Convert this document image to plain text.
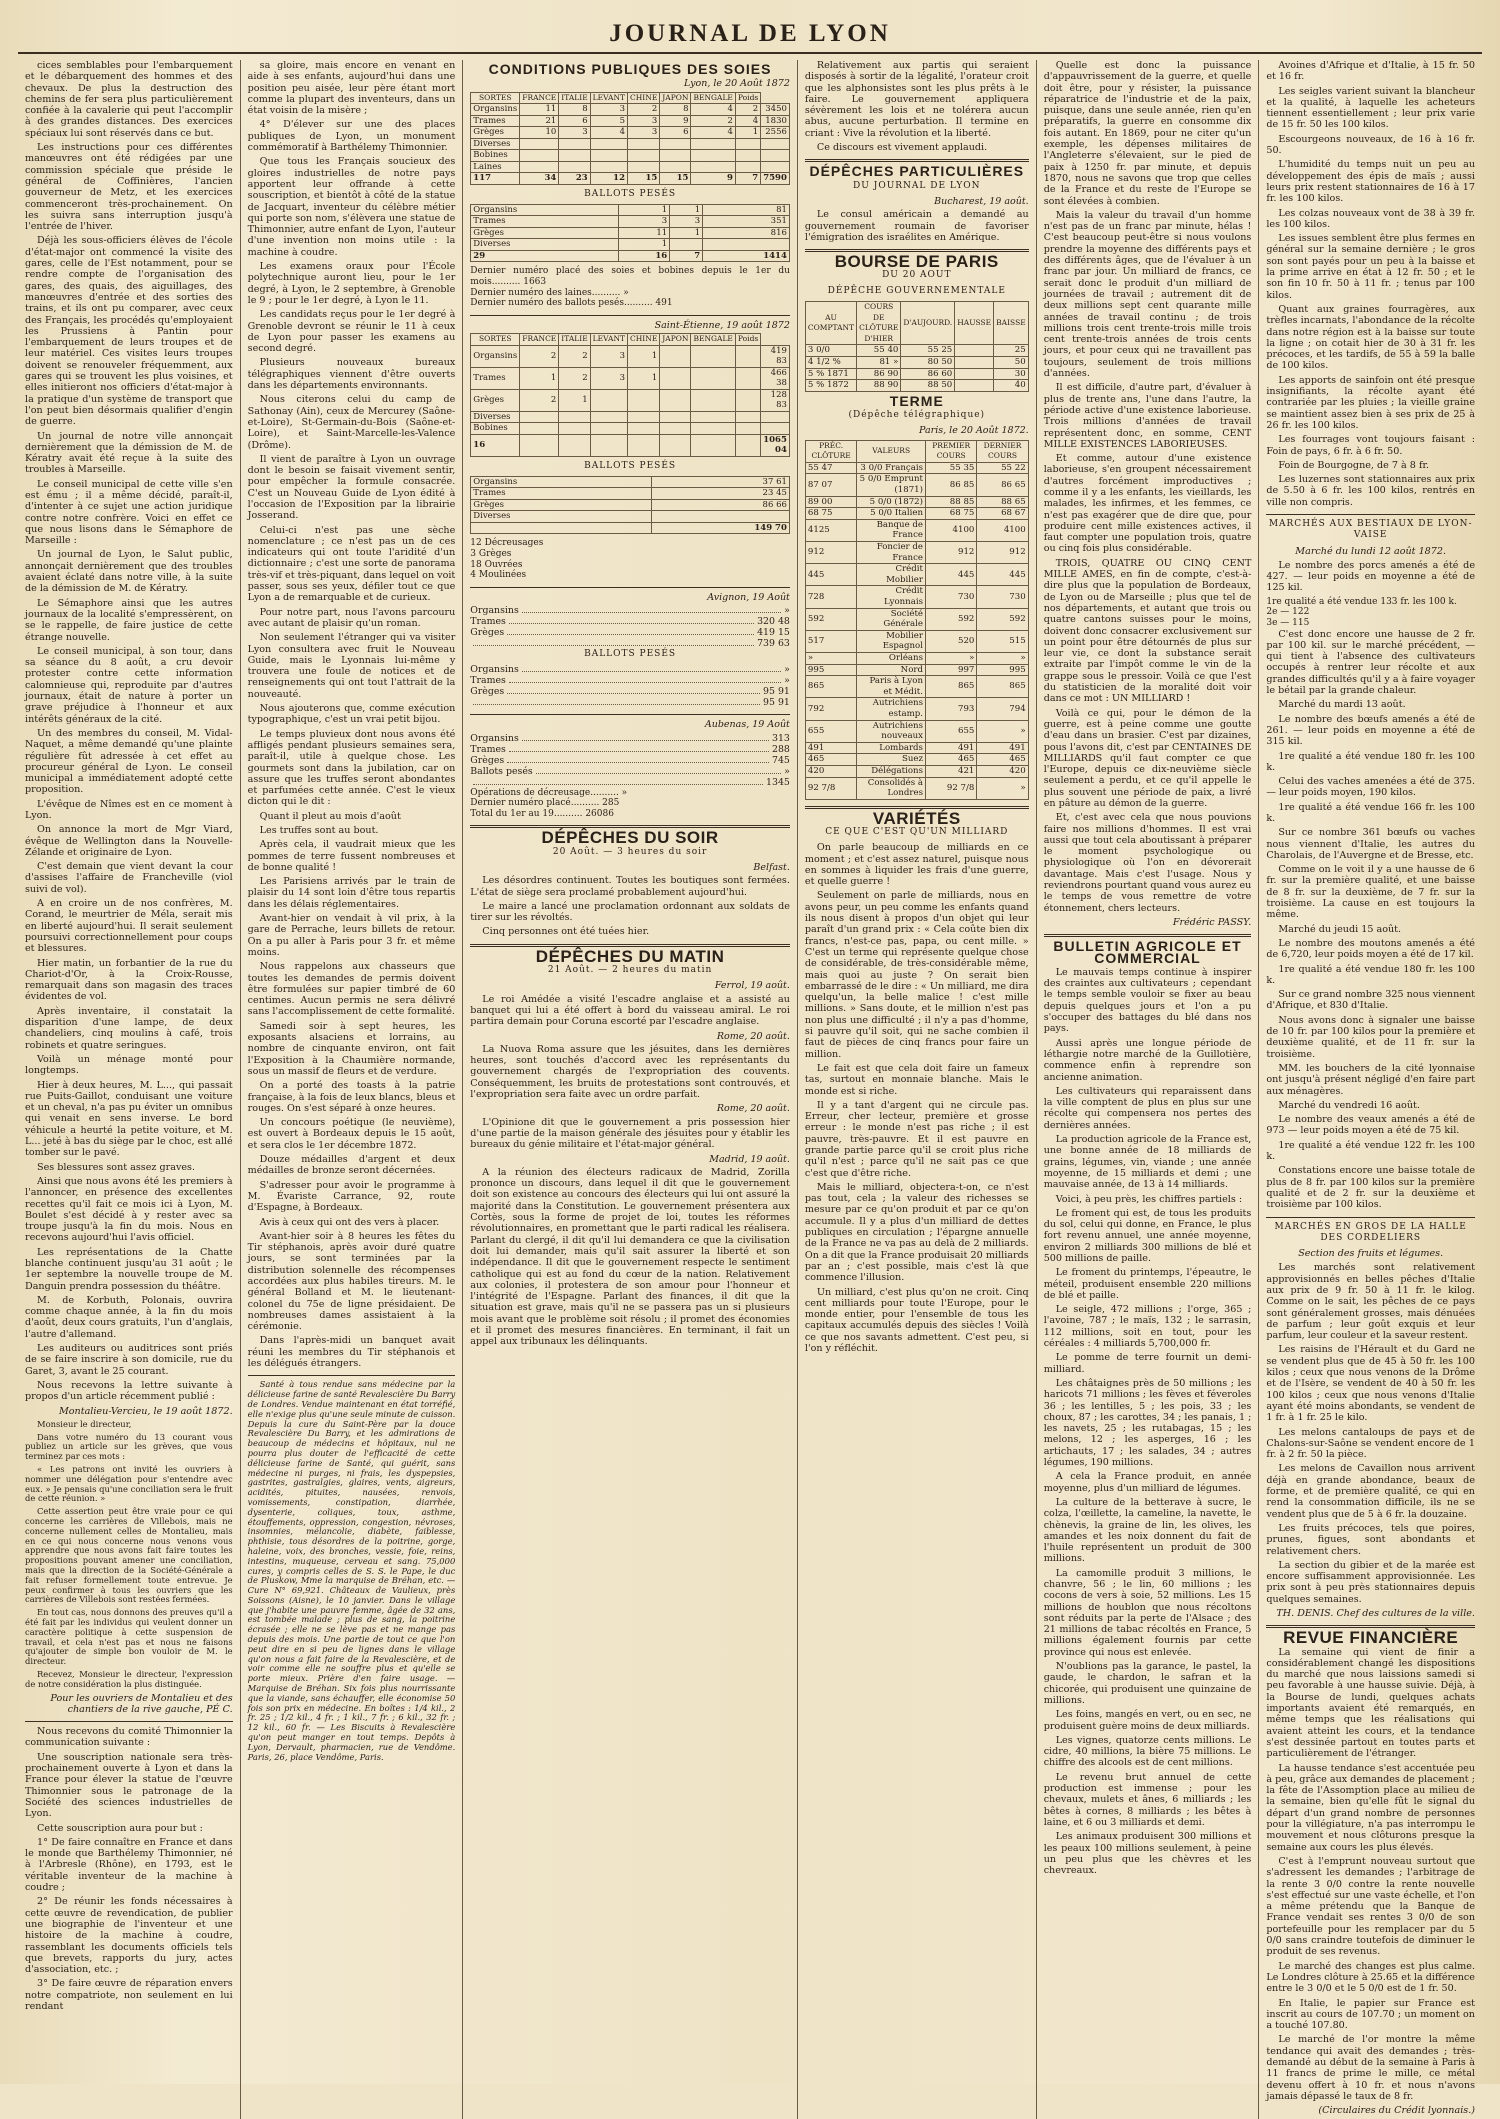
JOURNAL DE LYON

cices semblables pour l'embarquement et le débarquement des hommes et des chevaux. De plus la destruction des chemins de fer sera plus particulièrement confiée à la cavalerie qui peut l'accomplir à des grandes distances. Des exercices spéciaux lui sont réservés dans ce but.

Les instructions pour ces différentes manœuvres ont été rédigées par une commission spéciale que préside le général de Coffinières, l'ancien gouverneur de Metz, et les exercices commenceront très-prochainement. On les suivra sans interruption jusqu'à l'entrée de l'hiver.

Déjà les sous-officiers élèves de l'école d'état-major ont commencé la visite des gares, celle de l'Est notamment, pour se rendre compte de l'organisation des gares, des quais, des aiguillages, des manœuvres d'entrée et des sorties des trains, et ils ont pu comparer, avec ceux des Français, les procédés qu'employaient les Prussiens à Pantin pour l'embarquement de leurs troupes et de leur matériel. Ces visites leurs troupes doivent se renouveler fréquemment, aux gares qui se trouvent les plus voisines, et elles initieront nos officiers d'état-major à la pratique d'un système de transport que l'on peut bien désormais qualifier d'engin de guerre.

Un journal de notre ville annonçait dernièrement que la démission de M. de Kératry avait été reçue à la suite des troubles à Marseille.

Le conseil municipal de cette ville s'en est ému ; il a même décidé, paraît-il, d'intenter à ce sujet une action juridique contre notre confrère. Voici en effet ce que nous lisons dans le Sémaphore de Marseille :

Un journal de Lyon, le Salut public, annonçait dernièrement que des troubles avaient éclaté dans notre ville, à la suite de la démission de M. de Kératry.

Le Sémaphore ainsi que les autres journaux de la localité s'empressèrent, on se le rappelle, de faire justice de cette étrange nouvelle.

Le conseil municipal, à son tour, dans sa séance du 8 août, a cru devoir protester contre cette information calomnieuse qui, reproduite par d'autres journaux, était de nature à porter un grave préjudice à l'honneur et aux intérêts généraux de la cité.

Un des membres du conseil, M. Vidal-Naquet, a même demandé qu'une plainte régulière fût adressée à cet effet au procureur général de Lyon. Le conseil municipal a immédiatement adopté cette proposition.

L'évêque de Nîmes est en ce moment à Lyon.

On annonce la mort de Mgr Viard, évêque de Wellington dans la Nouvelle-Zélande et originaire de Lyon.

C'est demain que vient devant la cour d'assises l'affaire de Francheville (viol suivi de vol).

A en croire un de nos confrères, M. Corand, le meurtrier de Méla, serait mis en liberté aujourd'hui. Il serait seulement poursuivi correctionnellement pour coups et blessures.

Hier matin, un forbantier de la rue du Chariot-d'Or, à la Croix-Rousse, remarquait dans son magasin des traces évidentes de vol.

Après inventaire, il constatait la disparition d'une lampe, de deux chandeliers, cinq moulins à café, trois robinets et quatre seringues.

Voilà un ménage monté pour longtemps.

Hier à deux heures, M. L..., qui passait rue Puits-Gaillot, conduisant une voiture et un cheval, n'a pas pu éviter un omnibus qui venait en sens inverse. Le bord véhicule a heurté la petite voiture, et M. L... jeté à bas du siège par le choc, est allé tomber sur le pavé.

Ses blessures sont assez graves.

Ainsi que nous avons été les premiers à l'annoncer, en présence des excellentes recettes qu'il fait ce mois ici à Lyon, M. Boulet s'est décidé à y rester avec sa troupe jusqu'à la fin du mois. Nous en recevons aujourd'hui l'avis officiel.

Les représentations de la Chatte blanche continuent jusqu'au 31 août ; le 1er septembre la nouvelle troupe de M. Danguin prendra possession du théâtre.

M. de Korbuth, Polonais, ouvrira comme chaque année, à la fin du mois d'août, deux cours gratuits, l'un d'anglais, l'autre d'allemand.

Les auditeurs ou auditrices sont priés de se faire inscrire à son domicile, rue du Garet, 3, avant le 25 courant.

Nous recevons la lettre suivante à propos d'un article récemment publié :

Montalieu-Vercieu, le 19 août 1872.

Monsieur le directeur,

Dans votre numéro du 13 courant vous publiez un article sur les grèves, que vous terminez par ces mots :

« Les patrons ont invité les ouvriers à nommer une délégation pour s'entendre avec eux. » Je pensais qu'une conciliation sera le fruit de cette réunion. »

Cette assertion peut être vraie pour ce qui concerne les carrières de Villebois, mais ne concerne nullement celles de Montalieu, mais en ce qui nous concerne nous venons vous apprendre que nous avons fait faire toutes les propositions pouvant amener une conciliation, mais que la direction de la Société-Générale a fait refuser formellement toute entrevue. Je peux confirmer à tous les ouvriers que les carrières de Villebois sont restées fermées.

En tout cas, nous donnons des preuves qu'il a été fait par les individus qui veulent donner un caractère politique à cette suspension de travail, et cela n'est pas et nous ne faisons qu'ajouter de simple bon vouloir de M. le directeur.

Recevez, Monsieur le directeur, l'expression de notre considération la plus distinguée.

Pour les ouvriers de Montalieu et des chantiers de la rive gauche, PÉ C.

Nous recevons du comité Thimonnier la communication suivante :

Une souscription nationale sera très-prochainement ouverte à Lyon et dans la France pour élever la statue de l'œuvre Thimonnier sous le patronage de la Société des sciences industrielles de Lyon.

Cette souscription aura pour but :

1° De faire connaître en France et dans le monde que Barthélemy Thimonnier, né à l'Arbresle (Rhône), en 1793, est le véritable inventeur de la machine à coudre ;

2° De réunir les fonds nécessaires à cette œuvre de revendication, de publier une biographie de l'inventeur et une histoire de la machine à coudre, rassemblant les documents officiels tels que brevets, rapports du jury, actes d'association, etc. ;

3° De faire œuvre de réparation envers notre compatriote, non seulement en lui rendant

sa gloire, mais encore en venant en aide à ses enfants, aujourd'hui dans une position peu aisée, leur père étant mort comme la plupart des inventeurs, dans un état voisin de la misère ;

4° D'élever sur une des places publiques de Lyon, un monument commémoratif à Barthélemy Thimonnier.

Que tous les Français soucieux des gloires industrielles de notre pays apportent leur offrande à cette souscription, et bientôt à côté de la statue de Jacquart, inventeur du célèbre métier qui porte son nom, s'élèvera une statue de Thimonnier, autre enfant de Lyon, l'auteur d'une invention non moins utile : la machine à coudre.

Les examens oraux pour l'École polytechnique auront lieu, pour le 1er degré, à Lyon, le 2 septembre, à Grenoble le 9 ; pour le 1er degré, à Lyon le 11.

Les candidats reçus pour le 1er degré à Grenoble devront se réunir le 11 à ceux de Lyon pour passer les examens au second degré.

Plusieurs nouveaux bureaux télégraphiques viennent d'être ouverts dans les départements environnants.

Nous citerons celui du camp de Sathonay (Ain), ceux de Mercurey (Saône-et-Loire), St-Germain-du-Bois (Saône-et-Loire), et Saint-Marcelle-les-Valence (Drôme).

Il vient de paraître à Lyon un ouvrage dont le besoin se faisait vivement sentir, pour empêcher la formule consacrée. C'est un Nouveau Guide de Lyon édité à l'occasion de l'Exposition par la librairie Josserand.

Celui-ci n'est pas une sèche nomenclature ; ce n'est pas un de ces indicateurs qui ont toute l'aridité d'un dictionnaire ; c'est une sorte de panorama très-vif et très-piquant, dans lequel on voit passer, sous ses yeux, défiler tout ce que Lyon a de remarquable et de curieux.

Pour notre part, nous l'avons parcouru avec autant de plaisir qu'un roman.

Non seulement l'étranger qui va visiter Lyon consultera avec fruit le Nouveau Guide, mais le Lyonnais lui-même y trouvera une foule de notices et de renseignements qui ont tout l'attrait de la nouveauté.

Nous ajouterons que, comme exécution typographique, c'est un vrai petit bijou.

Le temps pluvieux dont nous avons été affligés pendant plusieurs semaines sera, paraît-il, utile à quelque chose. Les gourmets sont dans la jubilation, car on assure que les truffes seront abondantes et parfumées cette année. C'est le vieux dicton qui le dit :

Quant il pleut au mois d'août

Les truffes sont au bout.

Après cela, il vaudrait mieux que les pommes de terre fussent nombreuses et de bonne qualité !

Les Parisiens arrivés par le train de plaisir du 14 sont loin d'être tous repartis dans les délais réglementaires.

Avant-hier on vendait à vil prix, à la gare de Perrache, leurs billets de retour. On a pu aller à Paris pour 3 fr. et même moins.

Nous rappelons aux chasseurs que toutes les demandes de permis doivent être formulées sur papier timbré de 60 centimes. Aucun permis ne sera délivré sans l'accomplissement de cette formalité.

Samedi soir à sept heures, les exposants alsaciens et lorrains, au nombre de cinquante environ, ont fait l'Exposition à la Chaumière normande, sous un massif de fleurs et de verdure.

On a porté des toasts à la patrie française, à la fois de leux blancs, bleus et rouges. On s'est séparé à onze heures.

Un concours poétique (le neuvième), est ouvert à Bordeaux depuis le 15 août, et sera clos le 1er décembre 1872.

Douze médailles d'argent et deux médailles de bronze seront décernées.

S'adresser pour avoir le programme à M. Évariste Carrance, 92, route d'Espagne, à Bordeaux.

Avis à ceux qui ont des vers à placer.

Avant-hier soir à 8 heures les fêtes du Tir stéphanois, après avoir duré quatre jours, se sont terminées par la distribution solennelle des récompenses accordées aux plus habiles tireurs. M. le général Bolland et M. le lieutenant-colonel du 75e de ligne présidaient. De nombreuses dames assistaient à la cérémonie.

Dans l'après-midi un banquet avait réuni les membres du Tir stéphanois et les délégués étrangers.

Santé à tous rendue sans médecine par la délicieuse farine de santé Revalescière Du Barry de Londres. Vendue maintenant en état torréfié, elle n'exige plus qu'une seule minute de cuisson. Depuis la cure du Saint-Père par la douce Revalescière Du Barry, et les admirations de beaucoup de médecins et hôpitaux, nul ne pourra plus douter de l'efficacité de cette délicieuse farine de Santé, qui guérit, sans médecine ni purges, ni frais, les dyspepsies, gastrites, gastralgies, glaires, vents, aigreurs, acidités, pituites, nausées, renvois, vomissements, constipation, diarrhée, dysenterie, coliques, toux, asthme, étouffements, oppression, congestion, névroses, insomnies, mélancolie, diabète, faiblesse, phthisie, tous désordres de la poitrine, gorge, haleine, voix, des bronches, vessie, foie, reins, intestins, muqueuse, cerveau et sang. 75,000 cures, y compris celles de S. S. le Pape, le duc de Pluskow, Mme la marquise de Bréhan, etc. — Cure N° 69,921. Châteaux de Vaulieux, près Soissons (Aisne), le 10 janvier. Dans le village que j'habite une pauvre femme, âgée de 32 ans, est tombée malade ; plus de sang, la poitrine écrasée ; elle ne se lève pas et ne mange pas depuis des mois. Une partie de tout ce que l'on peut dire en si peu de lignes dans le village qu'on nous a fait faire de la Revalescière, et de voir comme elle ne souffre plus et qu'elle se porte mieux. Prière d'en faire usage. — Marquise de Bréhan. Six fois plus nourrissante que la viande, sans échauffer, elle économise 50 fois son prix en médecine. En boîtes : 1/4 kil., 2 fr. 25 ; 1/2 kil., 4 fr. ; 1 kil., 7 fr. ; 6 kil., 32 fr. ; 12 kil., 60 fr. — Les Biscuits à Revalescière qu'on peut manger en tout temps. Depôts à Lyon, Dervault, pharmacien, rue de Vendôme. Paris, 26, place Vendôme, Paris.

CONDITIONS PUBLIQUES DES SOIES
Lyon, le 20 Août 1872
SORTES	FRANCE	ITALIE	LEVANT	CHINE	JAPON	BENGALE	Poids	
Organsins	11	8	3	2	8	4	2	3450
Trames	21	6	5	3	9	2	4	1830
Grèges	10	3	4	3	6	4	1	2556
Diverses								
Bobines								
Laines								
117	34	23	12	15	15	9	7	7590
BALLOTS PESÉS
Organsins	1	1	81
Trames	3	3	351
Grèges	11	1	816
Diverses	1		
29	16	7	1414
Dernier numéro placé des soies et bobines depuis le 1er du mois.......... 1663
Dernier numéro des laines.......... »
Dernier numéro des ballots pesés.......... 491
Saint-Étienne, 19 août 1872
SORTES	FRANCE	ITALIE	LEVANT	CHINE	JAPON	BENGALE	Poids	
Organsins	2	2	3	1				419 83
Trames	1	2	3	1				466 38
Grèges	2	1						128 83
Diverses								
Bobines								
16								1065 04
BALLOTS PESÉS
Organsins	37 61
Trames	23 45
Grèges	86 66
Diverses	
	149 70
12 Décreusages
3 Grèges
18 Ouvrées
4 Moulinées
Avignon, 19 Août
Organsins	»
Trames	320 48
Grèges	419 15
739 63
BALLOTS PESÉS
Organsins	»
Trames	»
Grèges	95 91
95 91
Aubenas, 19 Août
Organsins	313
Trames	288
Grèges	745
Ballots pesés	»
1345
Opérations de décreusage.......... »
Dernier numéro placé.......... 285
Total du 1er au 19.......... 26086
DÉPÊCHES DU SOIR
20 Août. — 3 heures du soir
Belfast.

Les désordres continuent. Toutes les boutiques sont fermées. L'état de siège sera proclamé probablement aujourd'hui.

Le maire a lancé une proclamation ordonnant aux soldats de tirer sur les révoltés.

Cinq personnes ont été tuées hier.

DÉPÊCHES DU MATIN
21 Août. — 2 heures du matin
Ferrol, 19 août.

Le roi Amédée a visité l'escadre anglaise et a assisté au banquet qui lui a été offert à bord du vaisseau amiral. Le roi partira demain pour Coruna escorté par l'escadre anglaise.

Rome, 20 août.

La Nuova Roma assure que les jésuites, dans les dernières heures, sont touchés d'accord avec les représentants du gouvernement chargés de l'expropriation des couvents. Conséquemment, les bruits de protestations sont controuvés, et l'expropriation sera faite avec un ordre parfait.

Rome, 20 août.

L'Opinione dit que le gouvernement a pris possession hier d'une partie de la maison générale des jésuites pour y établir les bureaux du génie militaire et l'état-major général.

Madrid, 19 août.

A la réunion des électeurs radicaux de Madrid, Zorilla prononce un discours, dans lequel il dit que le gouvernement doit son existence au concours des électeurs qui lui ont assuré la majorité dans la Constitution. Le gouvernement présentera aux Cortès, sous la forme de projet de loi, toutes les réformes révolutionnaires, en promettant que le parti radical les réalisera. Parlant du clergé, il dit qu'il lui demandera ce que la civilisation doit lui demander, mais qu'il sait assurer la liberté et son indépendance. Il dit que le gouvernement respecte le sentiment catholique qui est au fond du cœur de la nation. Relativement aux colonies, il protestera de son amour pour l'honneur et l'intégrité de l'Espagne. Parlant des finances, il dit que la situation est grave, mais qu'il ne se passera pas un si plusieurs mois avant que le problème soit résolu ; il promet des économies et il promet des mesures financières. En terminant, il fait un appel aux tribunaux les délinquants.

Relativement aux partis qui seraient disposés à sortir de la légalité, l'orateur croit que les alphonsistes sont les plus prêts à le faire. Le gouvernement appliquera sévèrement les lois et ne tolérera aucun abus, aucune perturbation. Il termine en criant : Vive la révolution et la liberté.

Ce discours est vivement applaudi.

DÉPÊCHES PARTICULIÈRES
DU JOURNAL DE LYON
Bucharest, 19 août.

Le consul américain a demandé au gouvernement roumain de favoriser l'émigration des israélites en Amérique.

BOURSE DE PARIS
DU 20 AOUT
DÉPÊCHE GOUVERNEMENTALE
AU COMPTANT	COURS DE CLÔTURE D'HIER	D'AUJOURD.	HAUSSE	BAISSE
3 0/0	55 40	55 25		25
4 1/2 %	81 »	80 50		50
5 % 1871	86 90	86 60		30
5 % 1872	88 90	88 50		40
TERME
(Dépêche télégraphique)
Paris, le 20 Août 1872.
PRÉC. CLÔTURE	VALEURS	PREMIER COURS	DERNIER COURS
55 47	3 0/0 Français	55 35	55 22
87 07	5 0/0 Emprunt (1871)	86 85	86 65
89 00	5 0/0 (1872)	88 85	88 65
68 75	5 0/0 Italien	68 75	68 67
4125	Banque de France	4100	4100
912	Foncier de France	912	912
445	Crédit Mobilier	445	445
728	Crédit Lyonnais	730	730
592	Société Générale	592	592
517	Mobilier Espagnol	520	515
»	Orléans	»	»
995	Nord	997	995
865	Paris à Lyon et Médit.	865	865
792	Autrichiens estamp.	793	794
655	Autrichiens nouveaux	655	»
491	Lombards	491	491
465	Suez	465	465
420	Délégations	421	420
92 7/8	Consolidés à Londres	92 7/8	»
VARIÉTÉS
CE QUE C'EST QU'UN MILLIARD

On parle beaucoup de milliards en ce moment ; et c'est assez naturel, puisque nous en sommes à liquider les frais d'une guerre, et quelle guerre !

Seulement on parle de milliards, nous en avons peur, un peu comme les enfants quand ils nous disent à propos d'un objet qui leur paraît d'un grand prix : « Cela coûte bien dix francs, n'est-ce pas, papa, ou cent mille. » C'est un terme qui représente quelque chose de considérable, de très-considérable même, mais quoi au juste ? On serait bien embarrassé de le dire : « Un milliard, me dira quelqu'un, la belle malice ! c'est mille millions. » Sans doute, et le million n'est pas non plus une difficulté ; il n'y a pas d'homme, si pauvre qu'il soit, qui ne sache combien il faut de pièces de cinq francs pour faire un million.

Le fait est que cela doit faire un fameux tas, surtout en monnaie blanche. Mais le monde est si riche.

Il y a tant d'argent qui ne circule pas. Erreur, cher lecteur, première et grosse erreur : le monde n'est pas riche ; il est pauvre, très-pauvre. Et il est pauvre en grande partie parce qu'il se croit plus riche qu'il n'est ; parce qu'il ne sait pas ce que c'est que d'être riche.

Mais le milliard, objectera-t-on, ce n'est pas tout, cela ; la valeur des richesses se mesure par ce qu'on produit et par ce qu'on accumule. Il y a plus d'un milliard de dettes publiques en circulation ; l'épargne annuelle de la France ne va pas au delà de 2 milliards. On a dit que la France produisait 20 milliards par an ; c'est possible, mais c'est là que commence l'illusion.

Un milliard, c'est plus qu'on ne croit. Cinq cent milliards pour toute l'Europe, pour le monde entier, pour l'ensemble de tous les capitaux accumulés depuis des siècles ! Voilà ce que nos savants admettent. C'est peu, si l'on y réfléchit.

Quelle est donc la puissance d'appauvrissement de la guerre, et quelle doit être, pour y résister, la puissance réparatrice de l'industrie et de la paix, puisque, dans une seule année, rien qu'en préparatifs, la guerre en consomme dix fois autant. En 1869, pour ne citer qu'un exemple, les dépenses militaires de l'Angleterre s'élevaient, sur le pied de paix à 1250 fr. par minute, et depuis 1870, nous ne savons que trop que celles de la France et du reste de l'Europe se sont élevées à combien.

Mais la valeur du travail d'un homme n'est pas de un franc par minute, hélas ! C'est beaucoup peut-être si nous voulons prendre la moyenne des différents pays et des différents âges, que de l'évaluer à un franc par jour. Un milliard de francs, ce serait donc le produit d'un milliard de journées de travail ; autrement dit de deux millions sept cent quarante mille années de travail continu ; de trois millions trois cent trente-trois mille trois cent trente-trois années de trois cents jours, et pour ceux qui ne travaillent pas toujours, seulement de trois millions d'années.

Il est difficile, d'autre part, d'évaluer à plus de trente ans, l'une dans l'autre, la période active d'une existence laborieuse. Trois millions d'années de travail représentent donc, en somme, CENT MILLE EXISTENCES LABORIEUSES.

Et comme, autour d'une existence laborieuse, s'en groupent nécessairement d'autres forcément improductives ; comme il y a les enfants, les vieillards, les malades, les infirmes, et les femmes, ce n'est pas exagérer que de dire que, pour produire cent mille existences actives, il faut compter une population trois, quatre ou cinq fois plus considérable.

TROIS, QUATRE OU CINQ CENT MILLE AMES, en fin de compte, c'est-à-dire plus que la population de Bordeaux, de Lyon ou de Marseille ; plus que tel de nos départements, et autant que trois ou quatre cantons suisses pour le moins, doivent donc consacrer exclusivement sur un point pour être détournés de plus sur leur vie, ce dont la substance serait extraite par l'impôt comme le vin de la grappe sous le pressoir. Voilà ce que l'est du statisticien de la moralité doit voir dans ce mot : UN MILLIARD !

Voilà ce qui, pour le démon de la guerre, est à peine comme une goutte d'eau dans un brasier. C'est par dizaines, pous l'avons dit, c'est par CENTAINES DE MILLIARDS qu'il faut compter ce que l'Europe, depuis ce dix-neuvième siècle seulement a perdu, et ce qu'il appelle le plus souvent une période de paix, a livré en pâture au démon de la guerre.

Et, c'est avec cela que nous pouvions faire nos millions d'hommes. Il est vrai aussi que tout cela aboutissant à préparer le moment psychologique ou physiologique où l'on en dévorerait davantage. Mais c'est l'usage. Nous y reviendrons pourtant quand vous aurez eu le temps de vous remettre de votre étonnement, chers lecteurs.

Frédéric PASSY.

BULLETIN AGRICOLE ET COMMERCIAL

Le mauvais temps continue à inspirer des craintes aux cultivateurs ; cependant le temps semble vouloir se fixer au beau depuis quelques jours et l'on a pu s'occuper des battages du blé dans nos pays.

Aussi après une longue période de léthargie notre marché de la Guillotière, commence enfin à reprendre son ancienne animation.

Les cultivateurs qui reparaissent dans la ville comptent de plus en plus sur une récolte qui compensera nos pertes des dernières années.

La production agricole de la France est, une bonne année de 18 milliards de grains, légumes, vin, viande ; une année moyenne, de 15 milliards et demi ; une mauvaise année, de 13 à 14 milliards.

Voici, à peu près, les chiffres partiels :

Le froment qui est, de tous les produits du sol, celui qui donne, en France, le plus fort revenu annuel, une année moyenne, environ 2 milliards 300 millions de blé et 500 millions de paille.

Le froment du printemps, l'épeautre, le méteil, produisent ensemble 220 millions de blé et paille.

Le seigle, 472 millions ; l'orge, 365 ; l'avoine, 787 ; le maïs, 132 ; le sarrasin, 112 millions, soit en tout, pour les céréales : 4 milliards 5,700,000 fr.

Le pomme de terre fournit un demi-milliard.

Les châtaignes près de 50 millions ; les haricots 71 millions ; les fèves et féveroles 36 ; les lentilles, 5 ; les pois, 33 ; les choux, 87 ; les carottes, 34 ; les panais, 1 ; les navets, 25 ; les rutabagas, 15 ; les melons, 12 ; les asperges, 16 ; les artichauts, 17 ; les salades, 34 ; autres légumes, 190 millions.

A cela la France produit, en année moyenne, plus d'un milliard de légumes.

La culture de la betterave à sucre, le colza, l'œillette, la cameline, la navette, le chènevis, la graine de lin, les olives, les amandes et les noix donnent du fait de l'huile représentent un produit de 300 millions.

La camomille produit 3 millions, le chanvre, 56 ; le lin, 60 millions ; les cocons de vers à soie, 52 millions. Les 15 millions de houblon que nous récoltons sont réduits par la perte de l'Alsace ; des 21 millions de tabac récoltés en France, 5 millions également fournis par cette province qui nous est enlevée.

N'oublions pas la garance, le pastel, la gaude, le chardon, le safran et la chicorée, qui produisent une quinzaine de millions.

Les foins, mangés en vert, ou en sec, ne produisent guère moins de deux milliards.

Les vignes, quatorze cents millions. Le cidre, 40 millions, la bière 75 millions. Le chiffre des alcools est de cent millions.

Le revenu brut annuel de cette production est immense ; pour les chevaux, mulets et ânes, 6 milliards ; les bêtes à cornes, 8 milliards ; les bêtes à laine, et 6 ou 3 milliards et demi.

Les animaux produisent 300 millions et les peaux 100 millions seulement, à peine un peu plus que les chèvres et les chevreaux.

Avoines d'Afrique et d'Italie, à 15 fr. 50 et 16 fr.

Les seigles varient suivant la blancheur et la qualité, à laquelle les acheteurs tiennent essentiellement ; leur prix varie de 15 fr. 50 les 100 kilos.

Escourgeons nouveaux, de 16 à 16 fr. 50.

L'humidité du temps nuit un peu au développement des épis de maïs ; aussi leurs prix restent stationnaires de 16 à 17 fr. les 100 kilos.

Les colzas nouveaux vont de 38 à 39 fr. les 100 kilos.

Les issues semblent être plus fermes en général sur la semaine dernière ; le gros son sont payés pour un peu à la baisse et la prime arrive en état à 12 fr. 50 ; et le son fin 10 fr. 50 à 11 fr. ; tenus par 100 kilos.

Quant aux graines fourragères, aux trèfles incarnats, l'abondance de la récolte dans notre région est à la baisse sur toute la ligne ; on cotait hier de 30 à 31 fr. les précoces, et les tardifs, de 55 à 59 la balle de 100 kilos.

Les apports de sainfoin ont été presque insignifiants, la récolte ayant été contrariée par les pluies ; la vieille graine se maintient assez bien à ses prix de 25 à 26 fr. les 100 kilos.

Les fourrages vont toujours faisant : Foin de pays, 6 fr. à 6 fr. 50.

Foin de Bourgogne, de 7 à 8 fr.

Les luzernes sont stationnaires aux prix de 5.50 à 6 fr. les 100 kilos, rentrés en ville non compris.

MARCHÉS AUX BESTIAUX DE LYON-VAISE

Marché du lundi 12 août 1872.

Le nombre des porcs amenés a été de 427. — leur poids en moyenne a été de 125 kil.

1re qualité a été vendue 133 fr. les 100 k.
2e — 122
3e — 115

C'est donc encore une hausse de 2 fr. par 100 kil. sur le marché précédent, — qui tient à l'absence des cultivateurs occupés à rentrer leur récolte et aux grandes difficultés qu'il y a à faire voyager le bétail par la grande chaleur.

Marché du mardi 13 août.

Le nombre des bœufs amenés a été de 261. — leur poids en moyenne a été de 315 kil.

1re qualité a été vendue 180 fr. les 100 k.

Celui des vaches amenées a été de 375. — leur poids moyen, 190 kilos.

1re qualité a été vendue 166 fr. les 100 k.

Sur ce nombre 361 bœufs ou vaches nous viennent d'Italie, les autres du Charolais, de l'Auvergne et de Bresse, etc.

Comme on le voit il y a une hausse de 6 fr. sur la première qualité, et une baisse de 8 fr. sur la deuxième, de 7 fr. sur la troisième. La cause en est toujours la même.

Marché du jeudi 15 août.

Le nombre des moutons amenés a été de 6,720, leur poids moyen a été de 17 kil.

1re qualité a été vendue 180 fr. les 100 k.

Sur ce grand nombre 325 nous viennent d'Afrique, et 830 d'Italie.

Nous avons donc à signaler une baisse de 10 fr. par 100 kilos pour la première et deuxième qualité, et de 11 fr. sur la troisième.

MM. les bouchers de la cité lyonnaise ont jusqu'à présent négligé d'en faire part aux ménagères.

Marché du vendredi 16 août.

Le nombre des veaux amenés a été de 973 — leur poids moyen a été de 75 kil.

1re qualité a été vendue 122 fr. les 100 k.

Constations encore une baisse totale de plus de 8 fr. par 100 kilos sur la première qualité et de 2 fr. sur la deuxième et troisième par 100 kilos.

MARCHÉS EN GROS DE LA HALLE DES CORDELIERS

Section des fruits et légumes.

Les marchés sont relativement approvisionnés en belles pêches d'Italie aux prix de 9 fr. 50 à 11 fr. le kilog. Comme on le sait, les pêches de ce pays sont généralement grosses, mais dénuées de parfum ; leur goût exquis et leur parfum, leur couleur et la saveur restent.

Les raisins de l'Hérault et du Gard ne se vendent plus que de 45 à 50 fr. les 100 kilos ; ceux que nous venons de la Drôme et de l'Isère, se vendent de 40 à 50 fr. les 100 kilos ; ceux que nous venons d'Italie ayant été moins abondants, se vendent de 1 fr. à 1 fr. 25 le kilo.

Les melons cantaloups de pays et de Chalons-sur-Saône se vendent encore de 1 fr. à 2 fr. 50 la pièce.

Les melons de Cavaillon nous arrivent déjà en grande abondance, beaux de forme, et de première qualité, ce qui en rend la consommation difficile, ils ne se vendent plus que de 5 à 6 fr. la douzaine.

Les fruits précoces, tels que poires, prunes, figues, sont abondants et relativement chers.

La section du gibier et de la marée est encore suffisamment approvisionnée. Les prix sont à peu près stationnaires depuis quelques semaines.

TH. DENIS. Chef des cultures de la ville.

REVUE FINANCIÈRE

La semaine qui vient de finir a considérablement changé les dispositions du marché que nous laissions samedi si peu favorable à une hausse suivie. Déjà, à la Bourse de lundi, quelques achats importants avaient été remarqués, en même temps que les réalisations qui avaient atteint les cours, et la tendance s'est dessinée partout en toutes parts et particulièrement de l'étranger.

La hausse tendance s'est accentuée peu à peu, grâce aux demandes de placement ; la fête de l'Assomption place au milieu de la semaine, bien qu'elle fût le signal du départ d'un grand nombre de personnes pour la villégiature, n'a pas interrompu le mouvement et nous clôturons presque la semaine aux cours les plus élevés.

C'est à l'emprunt nouveau surtout que s'adressent les demandes ; l'arbitrage de la rente 3 0/0 contre la rente nouvelle s'est effectué sur une vaste échelle, et l'on a même prétendu que la Banque de France vendait ses rentes 3 0/0 de son portefeuille pour les remplacer par du 5 0/0 sans craindre toutefois de diminuer le produit de ses revenus.

Le marché des changes est plus calme. Le Londres clôture à 25.65 et la différence entre le 3 0/0 et le 5 0/0 est de 1 fr. 50.

En Italie, le papier sur France est inscrit au cours de 107.70 ; un moment on a touché 107.80.

Le marché de l'or montre la même tendance qui avait des demandes ; très-demandé au début de la semaine à Paris à 11 francs de prime le mille, ce métal devenu offert à 10 fr. et nous n'avons jamais dépassé le taux de 8 fr.

(Circulaires du Crédit lyonnais.)
